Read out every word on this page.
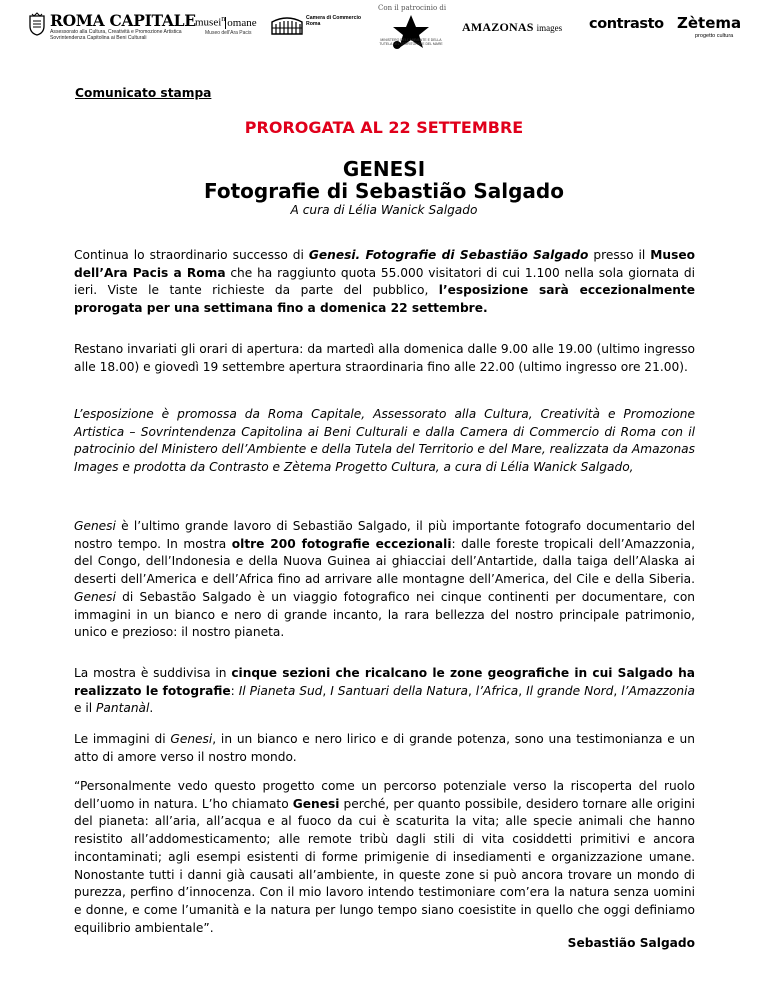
Con il patrocinio di
ROMA CAPITALE
Assessorato alla Cultura, Creatività e Promozione Artistica
Sovrintendenza Capitolina ai Beni Culturali
musei$^n$ omane
Museo dell'Ara Pacis
Camera di Commercio
Roma
MINISTERO DELL'AMBIENTE E DELLA TUTELA DEL TERRITORIO E DEL MARE
AMAZONAS images contrasto Zètema
progetto cultura
Comunicato stampa
PROROGATA AL 22 SETTEMBRE
GENESI
Fotografie di Sebastião Salgado
A cura di Lélia Wanick Salgado

Continua lo straordinario successo di Genesi. Fotografie di Sebastião Salgado presso il Museo dell’Ara Pacis a Roma che ha raggiunto quota 55.000 visitatori di cui 1.100 nella sola giornata di ieri. Viste le tante richieste da parte del pubblico, l’esposizione sarà eccezionalmente prorogata per una settimana fino a domenica 22 settembre.

Restano invariati gli orari di apertura: da martedì alla domenica dalle 9.00 alle 19.00 (ultimo ingresso alle 18.00) e giovedì 19 settembre apertura straordinaria fino alle 22.00 (ultimo ingresso ore 21.00).

L’esposizione è promossa da Roma Capitale, Assessorato alla Cultura, Creatività e Promozione Artistica – Sovrintendenza Capitolina ai Beni Culturali e dalla Camera di Commercio di Roma con il patrocinio del Ministero dell’Ambiente e della Tutela del Territorio e del Mare, realizzata da Amazonas Images e prodotta da Contrasto e Zètema Progetto Cultura, a cura di Lélia Wanick Salgado,

Genesi è l’ultimo grande lavoro di Sebastião Salgado, il più importante fotografo documentario del nostro tempo. In mostra oltre 200 fotografie eccezionali: dalle foreste tropicali dell’Amazzonia, del Congo, dell’Indonesia e della Nuova Guinea ai ghiacciai dell’Antartide, dalla taiga dell’Alaska ai deserti dell’America e dell’Africa fino ad arrivare alle montagne dell’America, del Cile e della Siberia. Genesi di Sebastão Salgado è un viaggio fotografico nei cinque continenti per documentare, con immagini in un bianco e nero di grande incanto, la rara bellezza del nostro principale patrimonio, unico e prezioso: il nostro pianeta.

La mostra è suddivisa in cinque sezioni che ricalcano le zone geografiche in cui Salgado ha realizzato le fotografie: Il Pianeta Sud, I Santuari della Natura, l’Africa, Il grande Nord, l’Amazzonia e il Pantanàl.

Le immagini di Genesi, in un bianco e nero lirico e di grande potenza, sono una testimonianza e un atto di amore verso il nostro mondo.

“Personalmente vedo questo progetto come un percorso potenziale verso la riscoperta del ruolo dell’uomo in natura. L’ho chiamato Genesi perché, per quanto possibile, desidero tornare alle origini del pianeta: all’aria, all’acqua e al fuoco da cui è scaturita la vita; alle specie animali che hanno resistito all’addomesticamento; alle remote tribù dagli stili di vita cosiddetti primitivi e ancora incontaminati; agli esempi esistenti di forme primigenie di insediamenti e organizzazione umane. Nonostante tutti i danni già causati all’ambiente, in queste zone si può ancora trovare un mondo di purezza, perfino d’innocenza. Con il mio lavoro intendo testimoniare com’era la natura senza uomini e donne, e come l’umanità e la natura per lungo tempo siano coesistite in quello che oggi definiamo equilibrio ambientale”.

Sebastião Salgado
